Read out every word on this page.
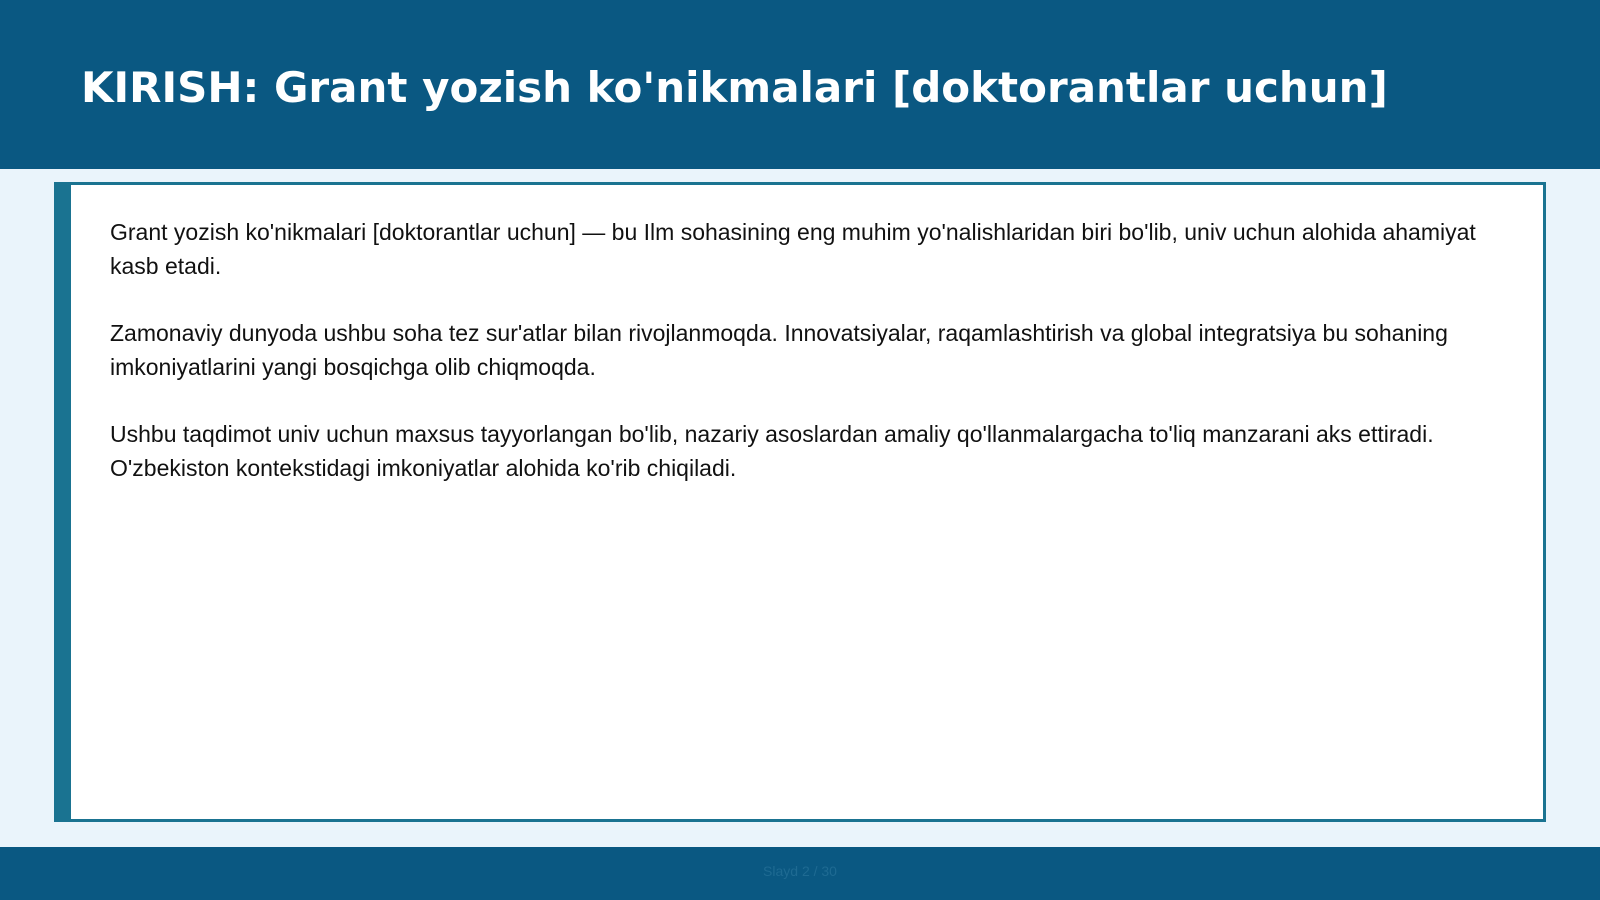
KIRISH: Grant yozish ko'nikmalari [doktorantlar uchun]

Grant yozish ko'nikmalari [doktorantlar uchun] — bu Ilm sohasining eng muhim yo'nalishlaridan biri bo'lib, univ uchun alohida ahamiyat kasb etadi.

Zamonaviy dunyoda ushbu soha tez sur'atlar bilan rivojlanmoqda. Innovatsiyalar, raqamlashtirish va global integratsiya bu sohaning imkoniyatlarini yangi bosqichga olib chiqmoqda.

Ushbu taqdimot univ uchun maxsus tayyorlangan bo'lib, nazariy asoslardan amaliy qo'llanmalargacha to'liq manzarani aks ettiradi. O'zbekiston kontekstidagi imkoniyatlar alohida ko'rib chiqiladi.

Slayd 2 / 30
